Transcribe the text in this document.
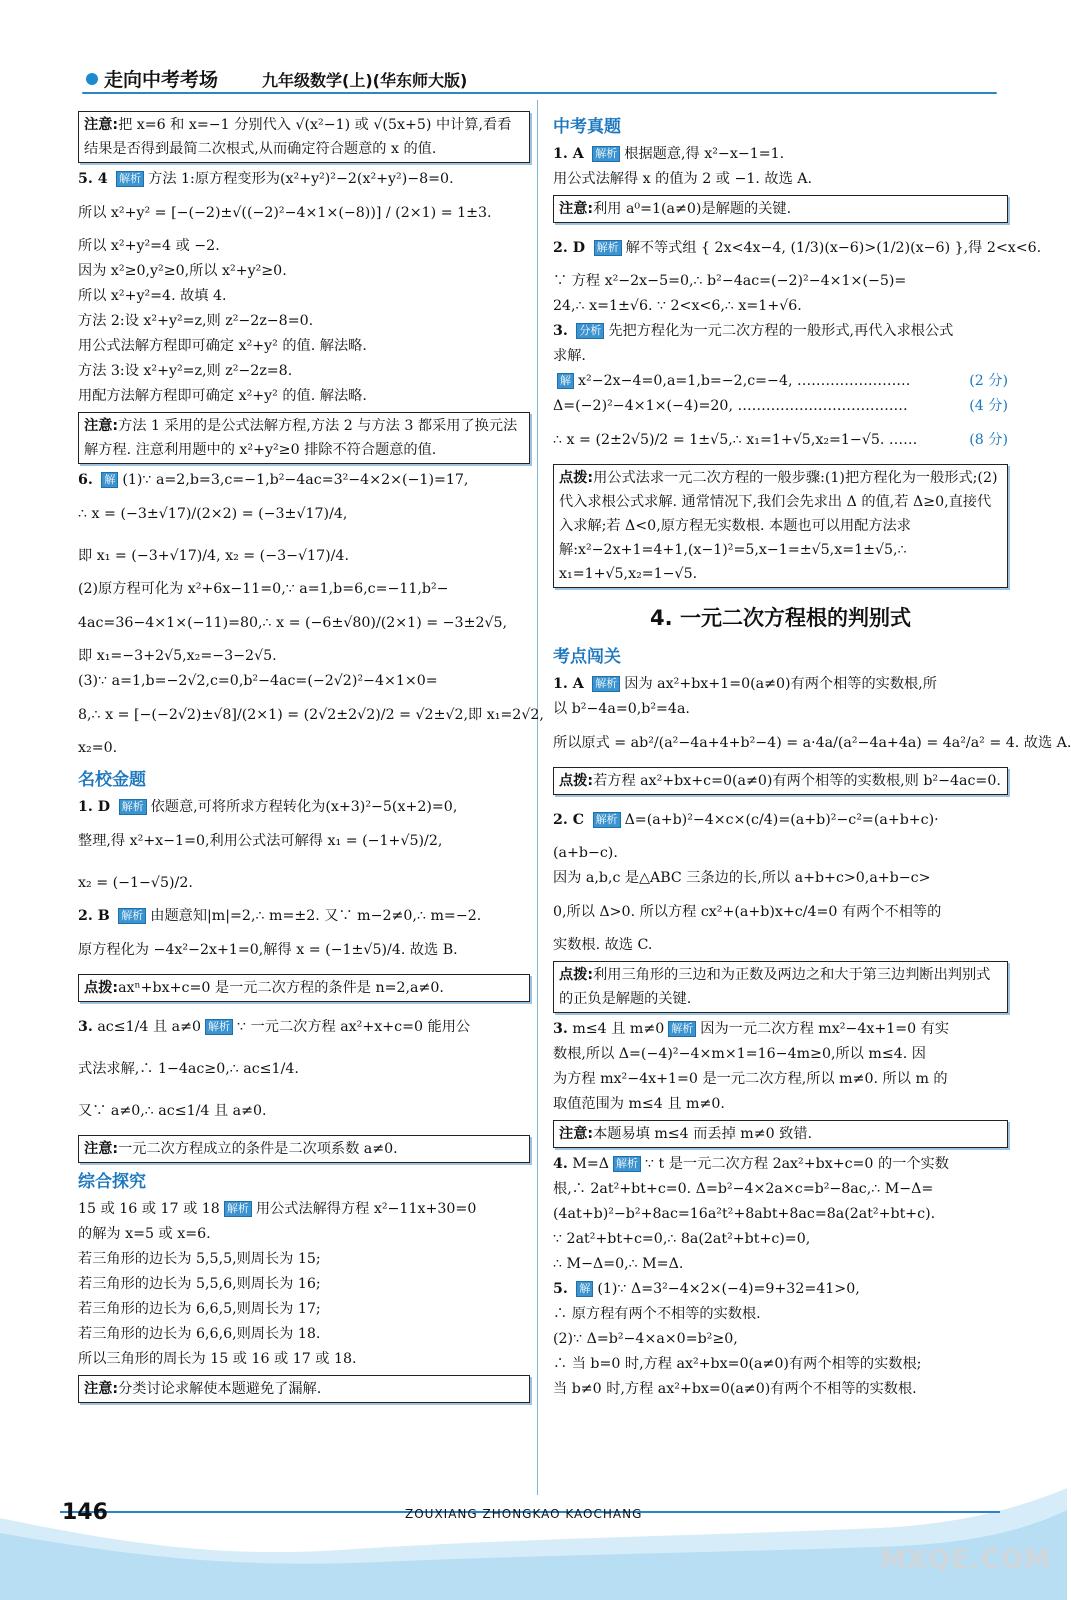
走向中考考场	九年级数学(上)(华东师大版)
注意:把 x=6 和 x=−1 分别代入 √(x²−1) 或 √(5x+5) 中计算,看看结果是否得到最简二次根式,从而确定符合题意的 x 的值.
5. 4 解析 方法 1:原方程变形为(x²+y²)²−2(x²+y²)−8=0.
所以 x²+y² = [−(−2)±√((−2)²−4×1×(−8))] / (2×1) = 1±3.
所以 x²+y²=4 或 −2.
因为 x²≥0,y²≥0,所以 x²+y²≥0.
所以 x²+y²=4. 故填 4.
方法 2:设 x²+y²=z,则 z²−2z−8=0.
用公式法解方程即可确定 x²+y² 的值. 解法略.
方法 3:设 x²+y²=z,则 z²−2z=8.
用配方法解方程即可确定 x²+y² 的值. 解法略.
注意:方法 1 采用的是公式法解方程,方法 2 与方法 3 都采用了换元法解方程. 注意利用题中的 x²+y²≥0 排除不符合题意的值.
6. 解 (1)∵ a=2,b=3,c=−1,b²−4ac=3²−4×2×(−1)=17,
∴ x = (−3±√17)/(2×2) = (−3±√17)/4,
即 x₁ = (−3+√17)/4, x₂ = (−3−√17)/4.
(2)原方程可化为 x²+6x−11=0,∵ a=1,b=6,c=−11,b²−
4ac=36−4×1×(−11)=80,∴ x = (−6±√80)/(2×1) = −3±2√5,
即 x₁=−3+2√5,x₂=−3−2√5.
(3)∵ a=1,b=−2√2,c=0,b²−4ac=(−2√2)²−4×1×0=
8,∴ x = [−(−2√2)±√8]/(2×1) = (2√2±2√2)/2 = √2±√2,即 x₁=2√2,
x₂=0.
名校金题
1. D 解析 依题意,可将所求方程转化为(x+3)²−5(x+2)=0,
整理,得 x²+x−1=0,利用公式法可解得 x₁ = (−1+√5)/2,
x₂ = (−1−√5)/2.
2. B 解析 由题意知|m|=2,∴ m=±2. 又∵ m−2≠0,∴ m=−2.
原方程化为 −4x²−2x+1=0,解得 x = (−1±√5)/4. 故选 B.
点拨:axⁿ+bx+c=0 是一元二次方程的条件是 n=2,a≠0.
3. ac≤1/4 且 a≠0 解析 ∵ 一元二次方程 ax²+x+c=0 能用公
式法求解,∴ 1−4ac≥0,∴ ac≤1/4.
又∵ a≠0,∴ ac≤1/4 且 a≠0.
注意:一元二次方程成立的条件是二次项系数 a≠0.
综合探究
15 或 16 或 17 或 18 解析 用公式法解得方程 x²−11x+30=0
的解为 x=5 或 x=6.
若三角形的边长为 5,5,5,则周长为 15;
若三角形的边长为 5,5,6,则周长为 16;
若三角形的边长为 6,6,5,则周长为 17;
若三角形的边长为 6,6,6,则周长为 18.
所以三角形的周长为 15 或 16 或 17 或 18.
注意:分类讨论求解使本题避免了漏解.
中考真题
1. A 解析 根据题意,得 x²−x−1=1.
用公式法解得 x 的值为 2 或 −1. 故选 A.
注意:利用 a⁰=1(a≠0)是解题的关键.
2. D 解析 解不等式组 { 2x<4x−4, (1/3)(x−6)>(1/2)(x−6) },得 2<x<6.
∵ 方程 x²−2x−5=0,∴ b²−4ac=(−2)²−4×1×(−5)=
24,∴ x=1±√6. ∵ 2<x<6,∴ x=1+√6.
3. 分析 先把方程化为一元二次方程的一般形式,再代入求根公式
求解.
(2 分)
解 x²−2x−4=0,a=1,b=−2,c=−4, ……………………
(4 分)
Δ=(−2)²−4×1×(−4)=20, ………………………………
(8 分)
∴ x = (2±2√5)/2 = 1±√5,∴ x₁=1+√5,x₂=1−√5. ……
点拨:用公式法求一元二次方程的一般步骤:(1)把方程化为一般形式;(2)代入求根公式求解. 通常情况下,我们会先求出 Δ 的值,若 Δ≥0,直接代入求解;若 Δ<0,原方程无实数根. 本题也可以用配方法求解:x²−2x+1=4+1,(x−1)²=5,x−1=±√5,x=1±√5,∴ x₁=1+√5,x₂=1−√5.
4. 一元二次方程根的判别式
考点闯关
1. A 解析 因为 ax²+bx+1=0(a≠0)有两个相等的实数根,所
以 b²−4a=0,b²=4a.
所以原式 = ab²/(a²−4a+4+b²−4) = a·4a/(a²−4a+4a) = 4a²/a² = 4. 故选 A.
点拨:若方程 ax²+bx+c=0(a≠0)有两个相等的实数根,则 b²−4ac=0.
2. C 解析 Δ=(a+b)²−4×c×(c/4)=(a+b)²−c²=(a+b+c)·
(a+b−c).
因为 a,b,c 是△ABC 三条边的长,所以 a+b+c>0,a+b−c>
0,所以 Δ>0. 所以方程 cx²+(a+b)x+c/4=0 有两个不相等的
实数根. 故选 C.
点拨:利用三角形的三边和为正数及两边之和大于第三边判断出判别式的正负是解题的关键.
3. m≤4 且 m≠0 解析 因为一元二次方程 mx²−4x+1=0 有实
数根,所以 Δ=(−4)²−4×m×1=16−4m≥0,所以 m≤4. 因
为方程 mx²−4x+1=0 是一元二次方程,所以 m≠0. 所以 m 的
取值范围为 m≤4 且 m≠0.
注意:本题易填 m≤4 而丢掉 m≠0 致错.
4. M=Δ 解析 ∵ t 是一元二次方程 2ax²+bx+c=0 的一个实数
根,∴ 2at²+bt+c=0. Δ=b²−4×2a×c=b²−8ac,∴ M−Δ=
(4at+b)²−b²+8ac=16a²t²+8abt+8ac=8a(2at²+bt+c).
∵ 2at²+bt+c=0,∴ 8a(2at²+bt+c)=0,
∴ M−Δ=0,∴ M=Δ.
5. 解 (1)∵ Δ=3²−4×2×(−4)=9+32=41>0,
∴ 原方程有两个不相等的实数根.
(2)∵ Δ=b²−4×a×0=b²≥0,
∴ 当 b=0 时,方程 ax²+bx=0(a≠0)有两个相等的实数根;
当 b≠0 时,方程 ax²+bx=0(a≠0)有两个不相等的实数根.
146	ZOUXIANG ZHONGKAO KAOCHANG
MXQE.COM
